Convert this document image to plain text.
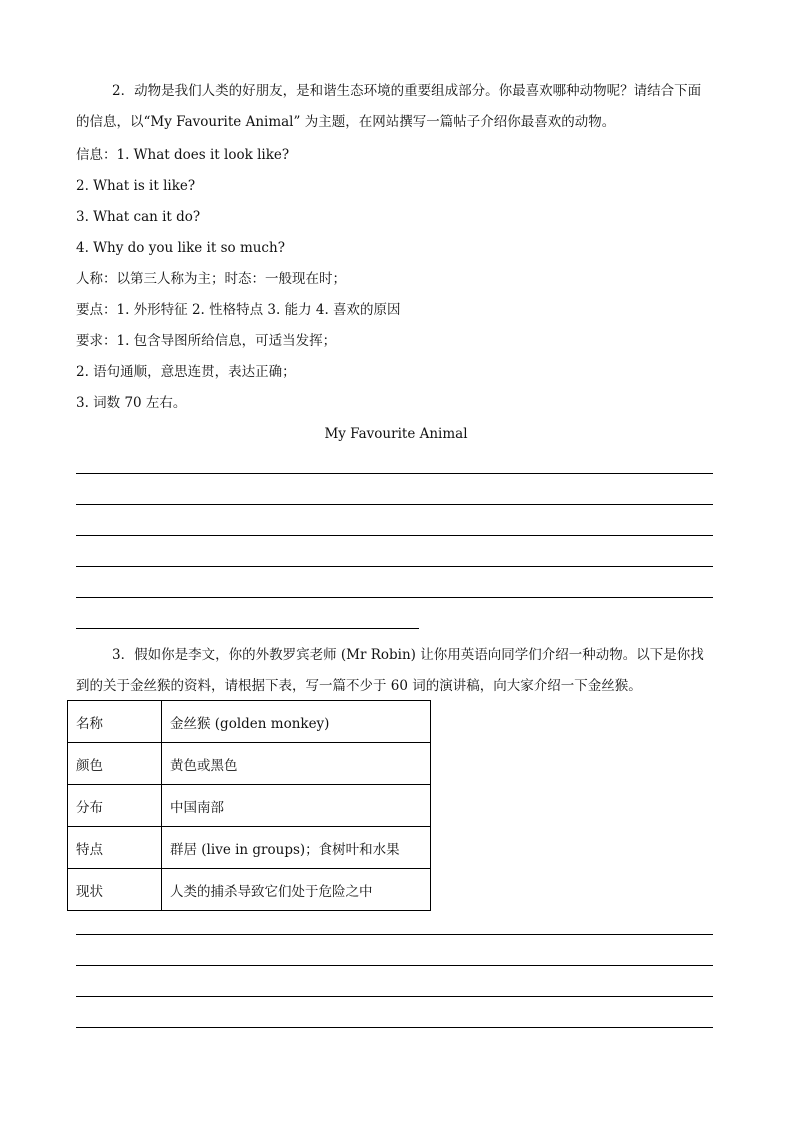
2．动物是我们人类的好朋友，是和谐生态环境的重要组成部分。你最喜欢哪种动物呢？请结合下面
的信息，以“My Favourite Animal” 为主题，在网站撰写一篇帖子介绍你最喜欢的动物。
信息：1. What does it look like?
2. What is it like?
3. What can it do?
4. Why do you like it so much?
人称：以第三人称为主；时态：一般现在时；
要点：1. 外形特征 2. 性格特点 3. 能力 4. 喜欢的原因
要求：1. 包含导图所给信息，可适当发挥；
2. 语句通顺，意思连贯，表达正确；
3. 词数 70 左右。
My Favourite Animal
3．假如你是李文，你的外教罗宾老师 (Mr Robin) 让你用英语向同学们介绍一种动物。以下是你找
到的关于金丝猴的资料，请根据下表，写一篇不少于 60 词的演讲稿，向大家介绍一下金丝猴。
名称	金丝猴 (golden monkey)
颜色	黄色或黑色
分布	中国南部
特点	群居 (live in groups)；食树叶和水果
现状	人类的捕杀导致它们处于危险之中
